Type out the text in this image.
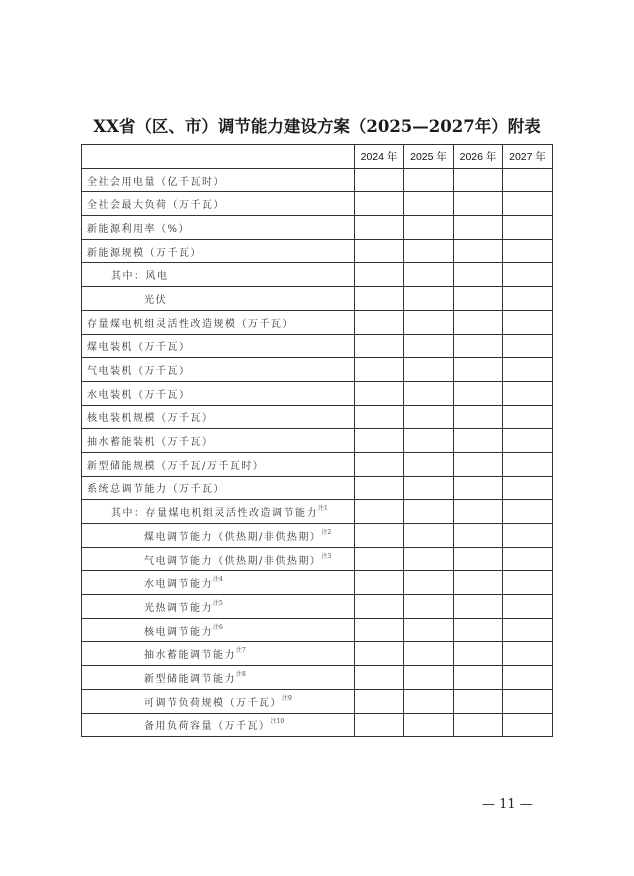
XX省（区、市）调节能力建设方案（2025—2027年）附表
	2024 年	2025 年	2026 年	2027 年
全社会用电量（亿千瓦时）				
全社会最大负荷（万千瓦）				
新能源利用率（%）				
新能源规模（万千瓦）				
其中：风电				
光伏				
存量煤电机组灵活性改造规模（万千瓦）				
煤电装机（万千瓦）				
气电装机（万千瓦）				
水电装机（万千瓦）				
核电装机规模（万千瓦）				
抽水蓄能装机（万千瓦）				
新型储能规模（万千瓦/万千瓦时）				
系统总调节能力（万千瓦）				
其中：存量煤电机组灵活性改造调节能力$^{注1}$				
煤电调节能力（供热期/非供热期）$^{注2}$				
气电调节能力（供热期/非供热期）$^{注3}$				
水电调节能力$^{注4}$				
光热调节能力$^{注5}$				
核电调节能力$^{注6}$				
抽水蓄能调节能力$^{注7}$				
新型储能调节能力$^{注8}$				
可调节负荷规模（万千瓦）$^{注9}$				
备用负荷容量（万千瓦）$^{注10}$				
— 11 —
